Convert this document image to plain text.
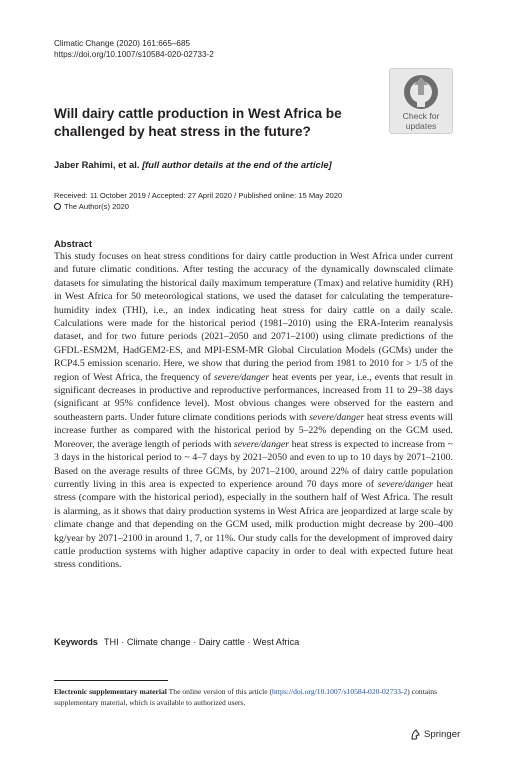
Climatic Change (2020) 161:665–685
https://doi.org/10.1007/s10584-020-02733-2
Check for
updates
Will dairy cattle production in West Africa be challenged by heat stress in the future?
Jaber Rahimi, et al. [full author details at the end of the article]
Received: 11 October 2019 / Accepted: 27 April 2020 / Published online: 15 May 2020
The Author(s) 2020
Abstract
This study focuses on heat stress conditions for dairy cattle production in West Africa under current and future climatic conditions. After testing the accuracy of the dynamically downscaled climate datasets for simulating the historical daily maximum temperature (Tmax) and relative humidity (RH) in West Africa for 50 meteorological stations, we used the dataset for calculating the temperature-humidity index (THI), i.e., an index indicating heat stress for dairy cattle on a daily scale. Calculations were made for the historical period (1981–2010) using the ERA-Interim reanalysis dataset, and for two future periods (2021–2050 and 2071–2100) using climate predictions of the GFDL-ESM2M, HadGEM2-ES, and MPI-ESM-MR Global Circulation Models (GCMs) under the RCP4.5 emission scenario. Here, we show that during the period from 1981 to 2010 for > 1/5 of the region of West Africa, the frequency of severe/danger heat events per year, i.e., events that result in significant decreases in productive and reproductive performances, increased from 11 to 29–38 days (significant at 95% confidence level). Most obvious changes were observed for the eastern and southeastern parts. Under future climate conditions periods with severe/danger heat stress events will increase further as compared with the historical period by 5–22% depending on the GCM used. Moreover, the average length of periods with severe/danger heat stress is expected to increase from ~ 3 days in the historical period to ~ 4–7 days by 2021–2050 and even to up to 10 days by 2071–2100. Based on the average results of three GCMs, by 2071–2100, around 22% of dairy cattle population currently living in this area is expected to experience around 70 days more of severe/danger heat stress (compare with the historical period), especially in the southern half of West Africa. The result is alarming, as it shows that dairy production systems in West Africa are jeopardized at large scale by climate change and that depending on the GCM used, milk production might decrease by 200–400 kg/year by 2071–2100 in around 1, 7, or 11%. Our study calls for the development of improved dairy cattle production systems with higher adaptive capacity in order to deal with expected future heat stress conditions.
Keywords THI · Climate change · Dairy cattle · West Africa
Electronic supplementary material The online version of this article (https://doi.org/10.1007/s10584-020-02733-2) contains supplementary material, which is available to authorized users.
Springer
